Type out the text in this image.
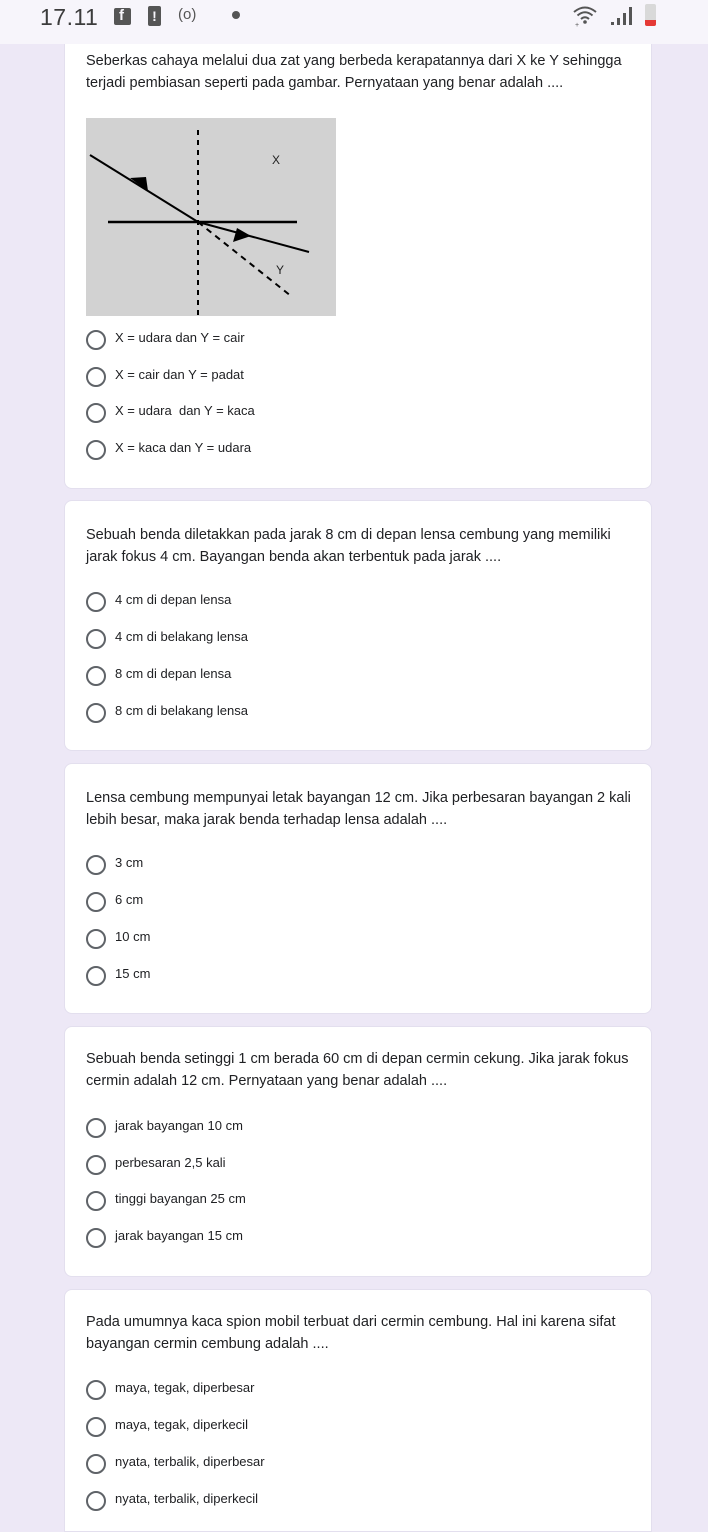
17.11 f ! (o)
+
Seberkas cahaya melalui dua zat yang berbeda kerapatannya dari X ke Y sehingga terjadi pembiasan seperti pada gambar. Pernyataan yang benar adalah ....
X
Y
X = udara dan Y = cair
X = cair dan Y = padat
X = udara  dan Y = kaca
X = kaca dan Y = udara
Sebuah benda diletakkan pada jarak 8 cm di depan lensa cembung yang memiliki jarak fokus 4 cm. Bayangan benda akan terbentuk pada jarak ....
4 cm di depan lensa
4 cm di belakang lensa
8 cm di depan lensa
8 cm di belakang lensa
Lensa cembung mempunyai letak bayangan 12 cm. Jika perbesaran bayangan 2 kali lebih besar, maka jarak benda terhadap lensa adalah ....
3 cm
6 cm
10 cm
15 cm
Sebuah benda setinggi 1 cm berada 60 cm di depan cermin cekung. Jika jarak fokus cermin adalah 12 cm. Pernyataan yang benar adalah ....
jarak bayangan 10 cm
perbesaran 2,5 kali
tinggi bayangan 25 cm
jarak bayangan 15 cm
Pada umumnya kaca spion mobil terbuat dari cermin cembung. Hal ini karena sifat bayangan cermin cembung adalah ....
maya, tegak, diperbesar
maya, tegak, diperkecil
nyata, terbalik, diperbesar
nyata, terbalik, diperkecil
